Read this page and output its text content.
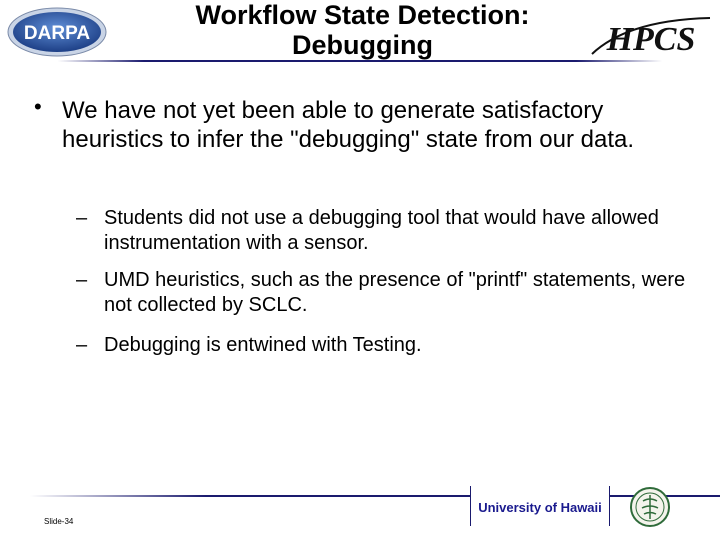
DARPA
Workflow State Detection:
Debugging	HPCS
• We have not yet been able to generate satisfactory heuristics to infer the "debugging" state from our data.
– Students did not use a debugging tool that would have allowed instrumentation with a sensor.
– UMD heuristics, such as the presence of "printf" statements, were not collected by SCLC.
– Debugging is entwined with Testing.
University of Hawaii
Slide-34
